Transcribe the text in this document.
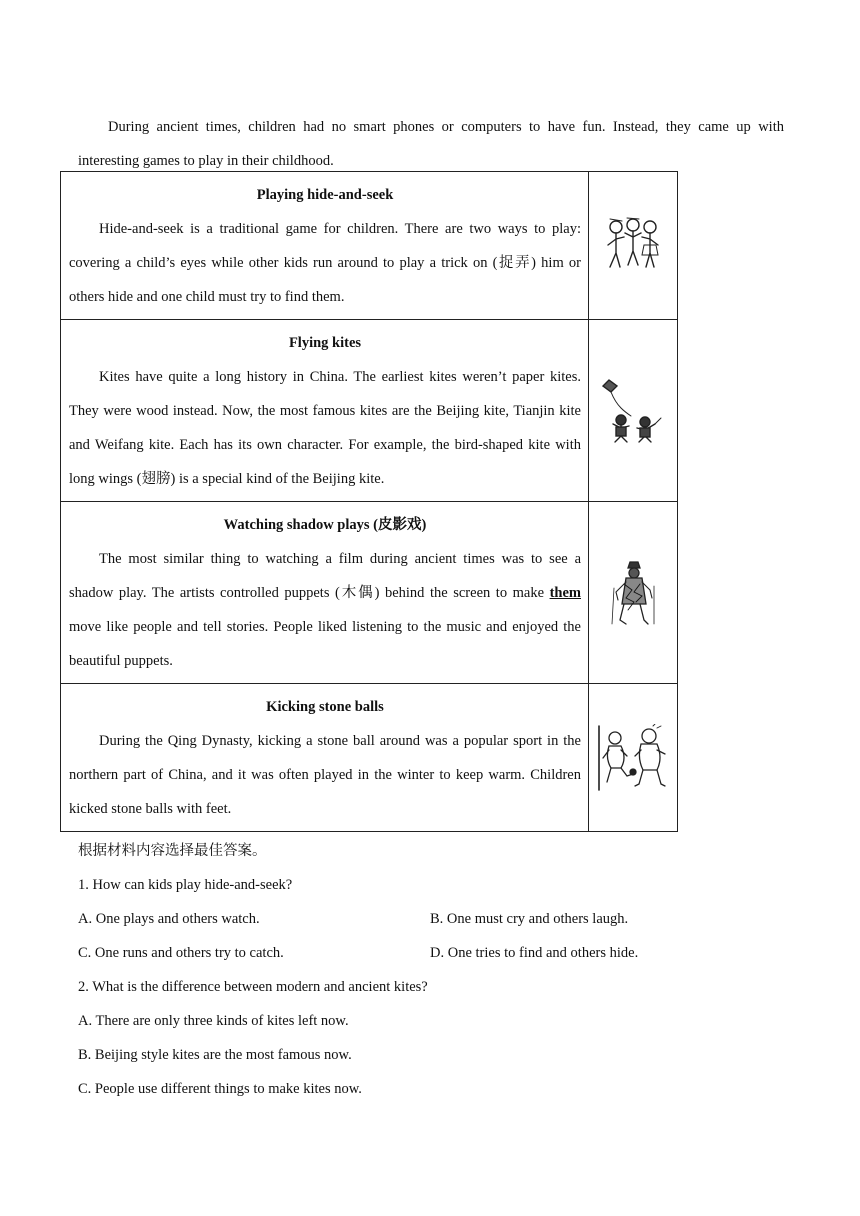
During ancient times, children had no smart phones or computers to have fun. Instead, they came up with interesting games to play in their childhood.
Playing hide-and-seek
Hide-and-seek is a traditional game for children. There are two ways to play: covering a child’s eyes while other kids run around to play a trick on (捉弄) him or others hide and one child must try to find them.

Flying kites
Kites have quite a long history in China. The earliest kites weren’t paper kites. They were wood instead. Now, the most famous kites are the Beijing kite, Tianjin kite and Weifang kite. Each has its own character. For example, the bird-shaped kite with long wings (翅膀) is a special kind of the Beijing kite.

Watching shadow plays (皮影戏)
The most similar thing to watching a film during ancient times was to see a shadow play. The artists controlled puppets (木偶) behind the screen to make them move like people and tell stories. People liked listening to the music and enjoyed the beautiful puppets.

Kicking stone balls
During the Qing Dynasty, kicking a stone ball around was a popular sport in the northern part of China, and it was often played in the winter to keep warm. Children kicked stone balls with feet.

根据材料内容选择最佳答案。
1. How can kids play hide-and-seek?
A. One plays and others watch.	B. One must cry and others laugh.
C. One runs and others try to catch.	D. One tries to find and others hide.
2. What is the difference between modern and ancient kites?
A. There are only three kinds of kites left now.
B. Beijing style kites are the most famous now.
C. People use different things to make kites now.
